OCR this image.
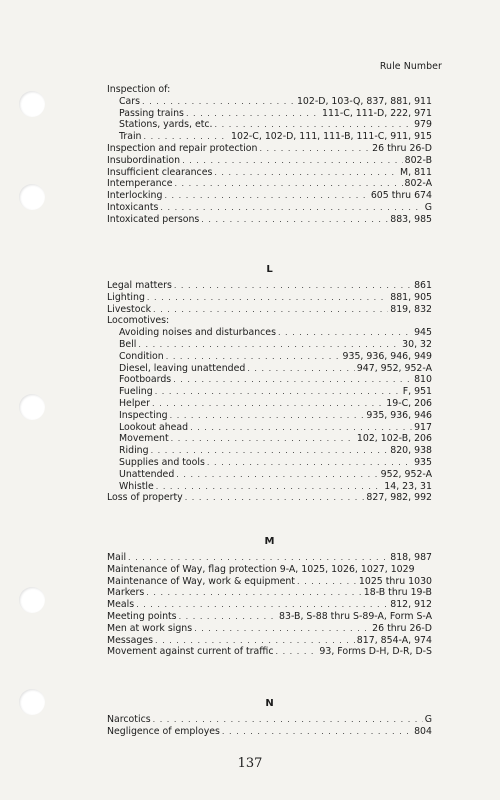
Rule Number
Inspection of:
Cars . . .	102-D, 103-Q, 837, 881, 911
Passing trains . . .	111-C, 111-D, 222, 971
Stations, yards, etc. . . .	979
Train . . .	102-C, 102-D, 111, 111-B, 111-C, 911, 915
Inspection and repair protection . . .	26 thru 26-D
Insubordination . . .	802-B
Insufficient clearances . . .	M, 811
Intemperance . . .	802-A
Interlocking . . .	605 thru 674
Intoxicants . . .	G
Intoxicated persons . . .	883, 985
L
Legal matters . . .	861
Lighting . . .	881, 905
Livestock . . .	819, 832
Locomotives:
Avoiding noises and disturbances . . .	945
Bell . . .	30, 32
Condition . . .	935, 936, 946, 949
Diesel, leaving unattended . . .	947, 952, 952-A
Footboards . . .	810
Fueling . . .	F, 951
Helper . . .	19-C, 206
Inspecting . . .	935, 936, 946
Lookout ahead . . .	917
Movement . . .	102, 102-B, 206
Riding . . .	820, 938
Supplies and tools . . .	935
Unattended . . .	952, 952-A
Whistle . . .	14, 23, 31
Loss of property . . .	827, 982, 992
M
Mail . . .	818, 987
Maintenance of Way, flag protection 9-A, 1025, 1026, 1027, 1029
Maintenance of Way, work & equipment . . .	1025 thru 1030
Markers . . .	18-B thru 19-B
Meals . . .	812, 912
Meeting points . . .	83-B, S-88 thru S-89-A, Form S-A
Men at work signs . . .	26 thru 26-D
Messages . . .	817, 854-A, 974
Movement against current of traffic . . .	93, Forms D-H, D-R, D-S
N
Narcotics . . .	G
Negligence of employes . . .	804
137
